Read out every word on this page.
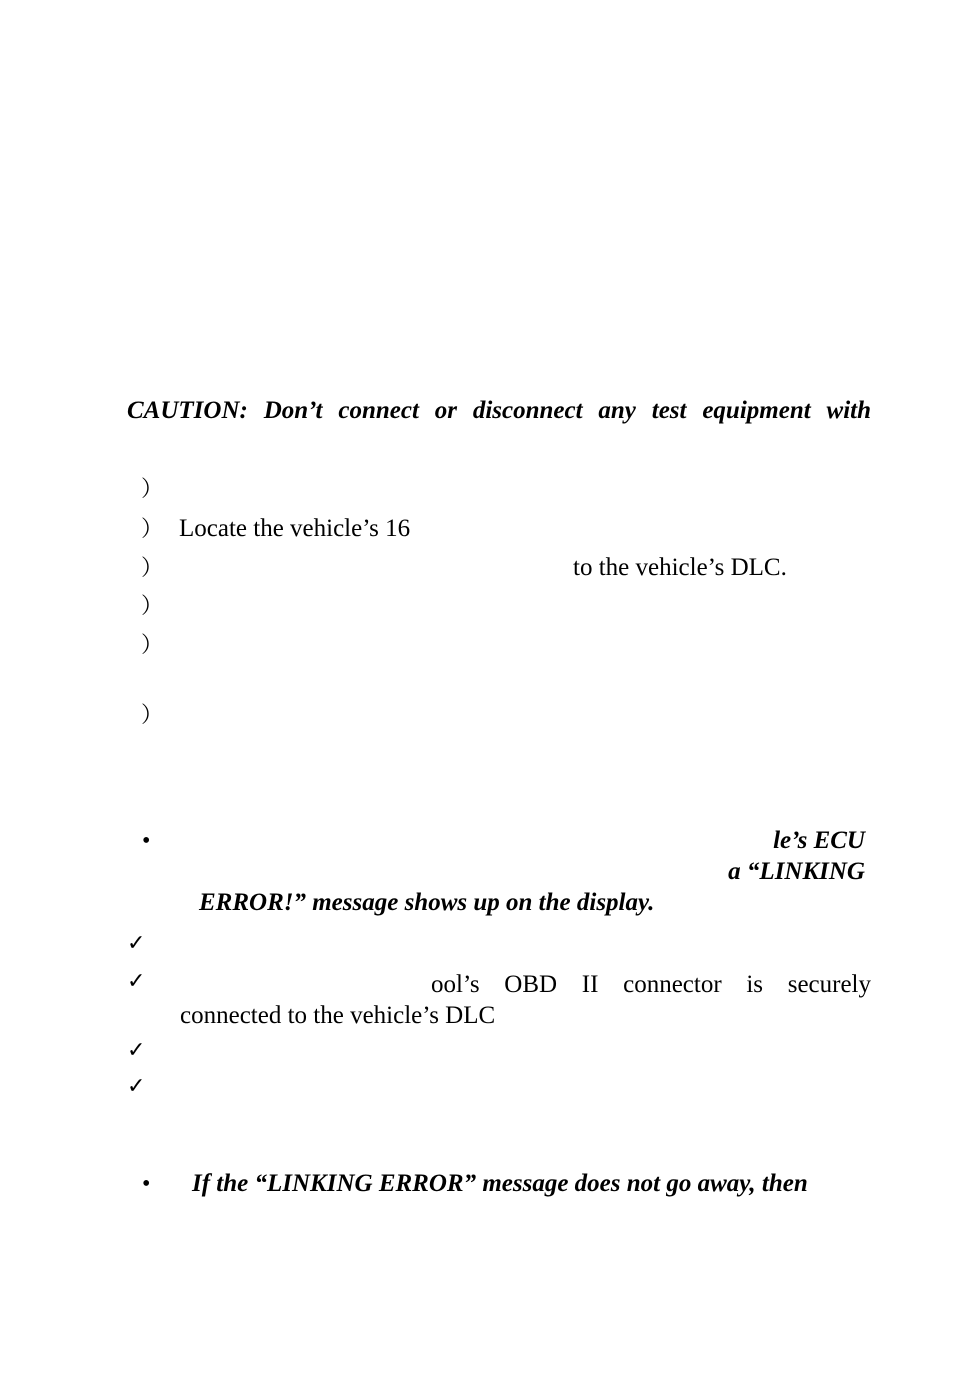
CAUTION: Don’t connect or disconnect any test equipment with
）
） Locate the vehicle’s 16
）	to the vehicle’s DLC.
）
）
）
•	le’s ECU
a “LINKING
ERROR!” message shows up on the display.
✓
✓	ool’s OBD II connector is securely
connected to the vehicle’s DLC
✓
✓
• If the “LINKING ERROR” message does not go away, then
